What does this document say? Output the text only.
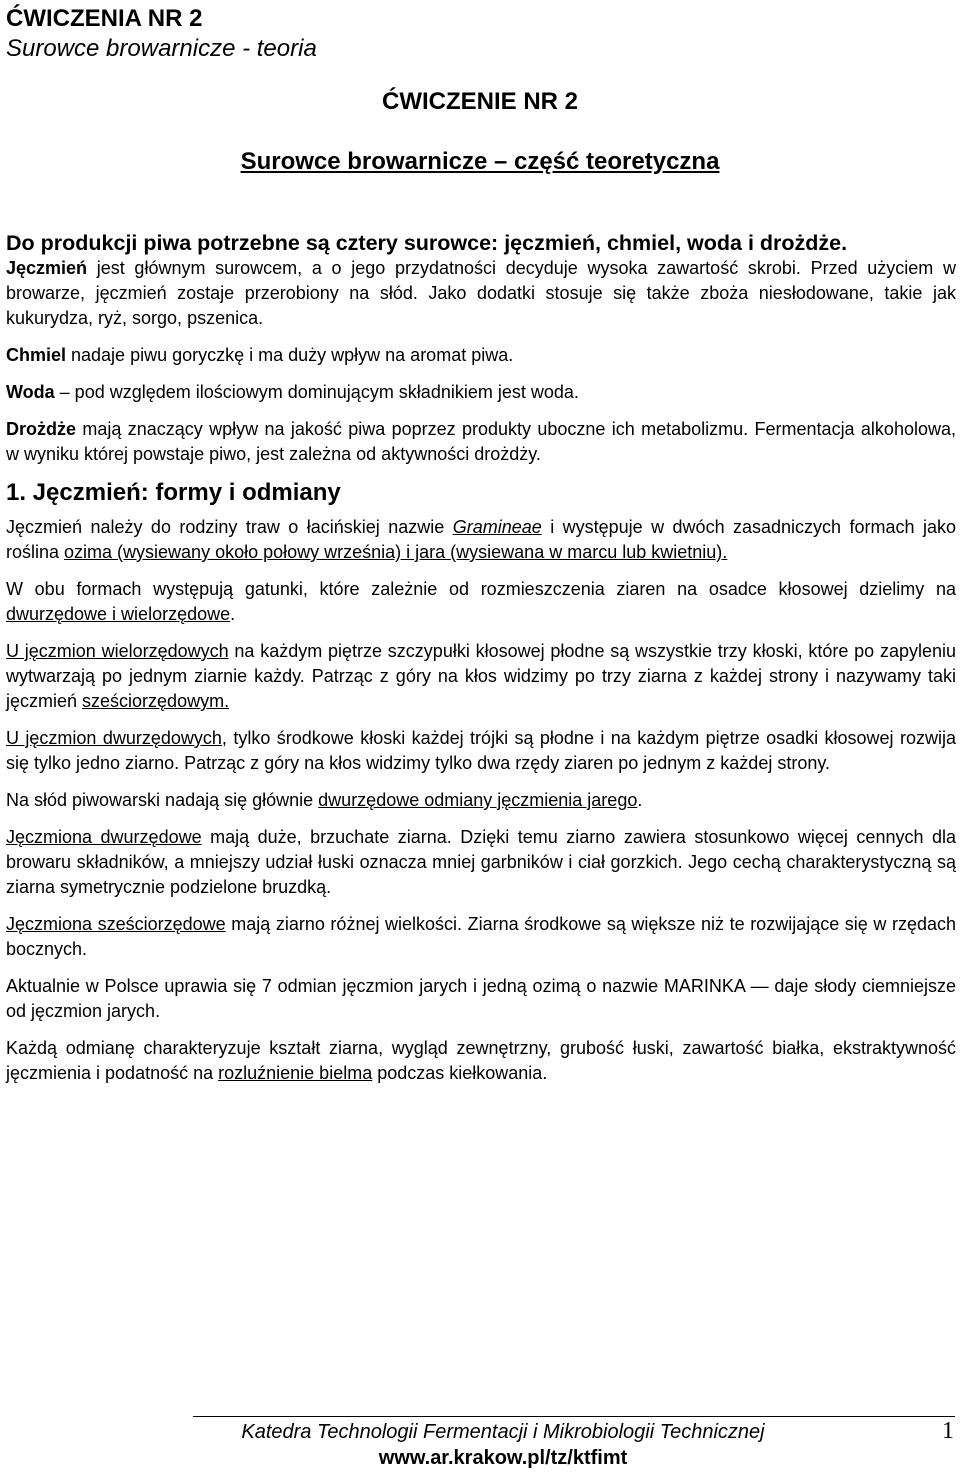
ĆWICZENIA NR 2
Surowce browarnicze - teoria
ĆWICZENIE NR 2
Surowce browarnicze – część teoretyczna

Do produkcji piwa potrzebne są cztery surowce: jęczmień, chmiel, woda i drożdże.

Jęczmień jest głównym surowcem, a o jego przydatności decyduje wysoka zawartość skrobi. Przed użyciem w browarze, jęczmień zostaje przerobiony na słód. Jako dodatki stosuje się także zboża niesłodowane, takie jak kukurydza, ryż, sorgo, pszenica.

Chmiel nadaje piwu goryczkę i ma duży wpływ na aromat piwa.

Woda – pod względem ilościowym dominującym składnikiem jest woda.

Drożdże mają znaczący wpływ na jakość piwa poprzez produkty uboczne ich metabolizmu. Fermentacja alkoholowa, w wyniku której powstaje piwo, jest zależna od aktywności drożdży.

1. Jęczmień: formy i odmiany

Jęczmień należy do rodziny traw o łacińskiej nazwie Gramineae i występuje w dwóch zasadniczych formach jako roślina ozima (wysiewany około połowy września) i jara (wysiewana w marcu lub kwietniu).

W obu formach występują gatunki, które zależnie od rozmieszczenia ziaren na osadce kłosowej dzielimy na dwurzędowe i wielorzędowe.

U jęczmion wielorzędowych na każdym piętrze szczypułki kłosowej płodne są wszystkie trzy kłoski, które po zapyleniu wytwarzają po jednym ziarnie każdy. Patrząc z góry na kłos widzimy po trzy ziarna z każdej strony i nazywamy taki jęczmień sześciorzędowym.

U jęczmion dwurzędowych, tylko środkowe kłoski każdej trójki są płodne i na każdym piętrze osadki kłosowej rozwija się tylko jedno ziarno. Patrząc z góry na kłos widzimy tylko dwa rzędy ziaren po jednym z każdej strony.

Na słód piwowarski nadają się głównie dwurzędowe odmiany jęczmienia jarego.

Jęczmiona dwurzędowe mają duże, brzuchate ziarna. Dzięki temu ziarno zawiera stosunkowo więcej cennych dla browaru składników, a mniejszy udział łuski oznacza mniej garbników i ciał gorzkich. Jego cechą charakterystyczną są ziarna symetrycznie podzielone bruzdką.

Jęczmiona sześciorzędowe mają ziarno różnej wielkości. Ziarna środkowe są większe niż te rozwijające się w rzędach bocznych.

Aktualnie w Polsce uprawia się 7 odmian jęczmion jarych i jedną ozimą o nazwie MARINKA — daje słody ciemniejsze od jęczmion jarych.

Każdą odmianę charakteryzuje kształt ziarna, wygląd zewnętrzny, grubość łuski, zawartość białka, ekstraktywność jęczmienia i podatność na rozluźnienie bielma podczas kiełkowania.

Katedra Technologii Fermentacji i Mikrobiologii Technicznej
www.ar.krakow.pl/tz/ktfimt
1
